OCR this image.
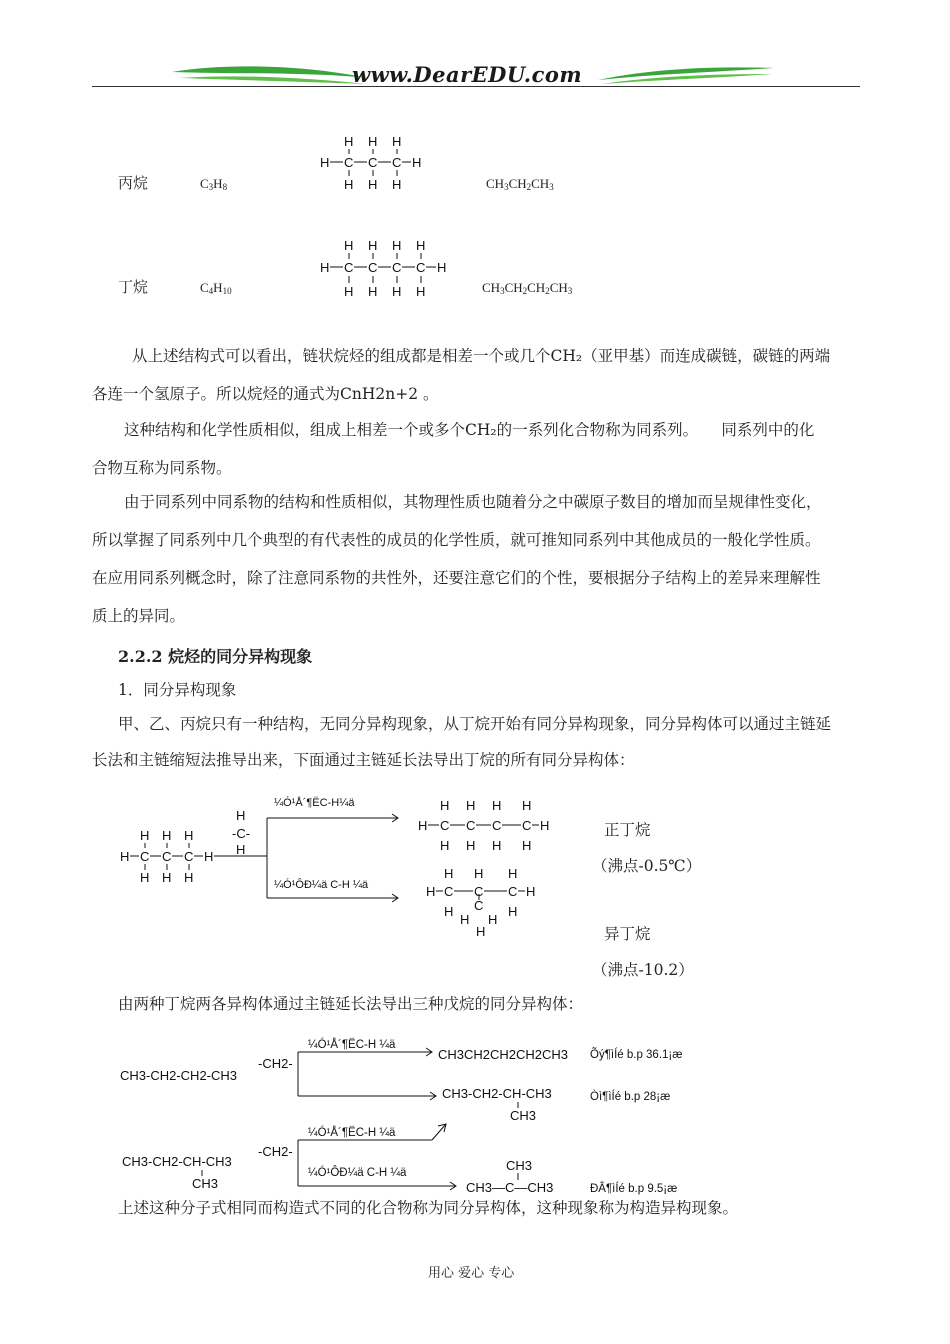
www.DearEDU.com
丙烷	$C_3H_8$
H H H
H C C C H
H H H	$CH_3CH_2CH_3$
丁烷	$C_4H_{10}$
H H H H
H C C C C H
H H H H	$CH_3CH_2CH_2CH_3$
从上述结构式可以看出，链状烷烃的组成都是相差一个或几个CH₂（亚甲基）而连成碳链，碳链的两端
各连一个氢原子。所以烷烃的通式为CnH2n+2 。
这种结构和化学性质相似，组成上相差一个或多个CH₂的一系列化合物称为同系列。　　同系列中的化
合物互称为同系物。
由于同系列中同系物的结构和性质相似，其物理性质也随着分之中碳原子数目的增加而呈规律性变化，
所以掌握了同系列中几个典型的有代表性的成员的化学性质，就可推知同系列中其他成员的一般化学性质。
在应用同系列概念时，除了注意同系物的共性外，还要注意它们的个性，要根据分子结构上的差异来理解性
质上的异同。
2.2.2 烷烃的同分异构现象
1．同分异构现象
甲、乙、丙烷只有一种结构，无同分异构现象，从丁烷开始有同分异构现象，同分异构体可以通过主链延
长法和主链缩短法推导出来，下面通过主链延长法导出丁烷的所有同分异构体：
H H H
H C C C H
H H H
H
-C-
H
H H H H
H C C C C H
H H H H
H H H
H C C C H
H C H
H H
H
¼Ó¹Å´¶ËC-H¼ä
¼Ó¹ÔÐ¼ä C-H ¼ä
正丁烷
（沸点-0.5℃）
异丁烷
（沸点-10.2）
由两种丁烷两各异构体通过主链延长法导出三种戊烷的同分异构体：
CH3-CH2-CH2-CH3
-CH2-
CH3-CH2-CH-CH3
CH3
-CH2-
CH3CH2CH2CH2CH3
CH3-CH2-CH-CH3
CH3
CH3
CH3—C—CH3
¼Ó¹Å´¶ËC-H ¼ä
¼Ó¹Å´¶ËC-H ¼ä
¼Ó¹ÔÐ¼ä C-H ¼ä
Õý¶ìÍé b.p 36.1¡æ
Òì¶ìÍé b.p 28¡æ
ÐÂ¶ìÍé b.p 9.5¡æ
上述这种分子式相同而构造式不同的化合物称为同分异构体，这种现象称为构造异构现象。
用心 爱心 专心
